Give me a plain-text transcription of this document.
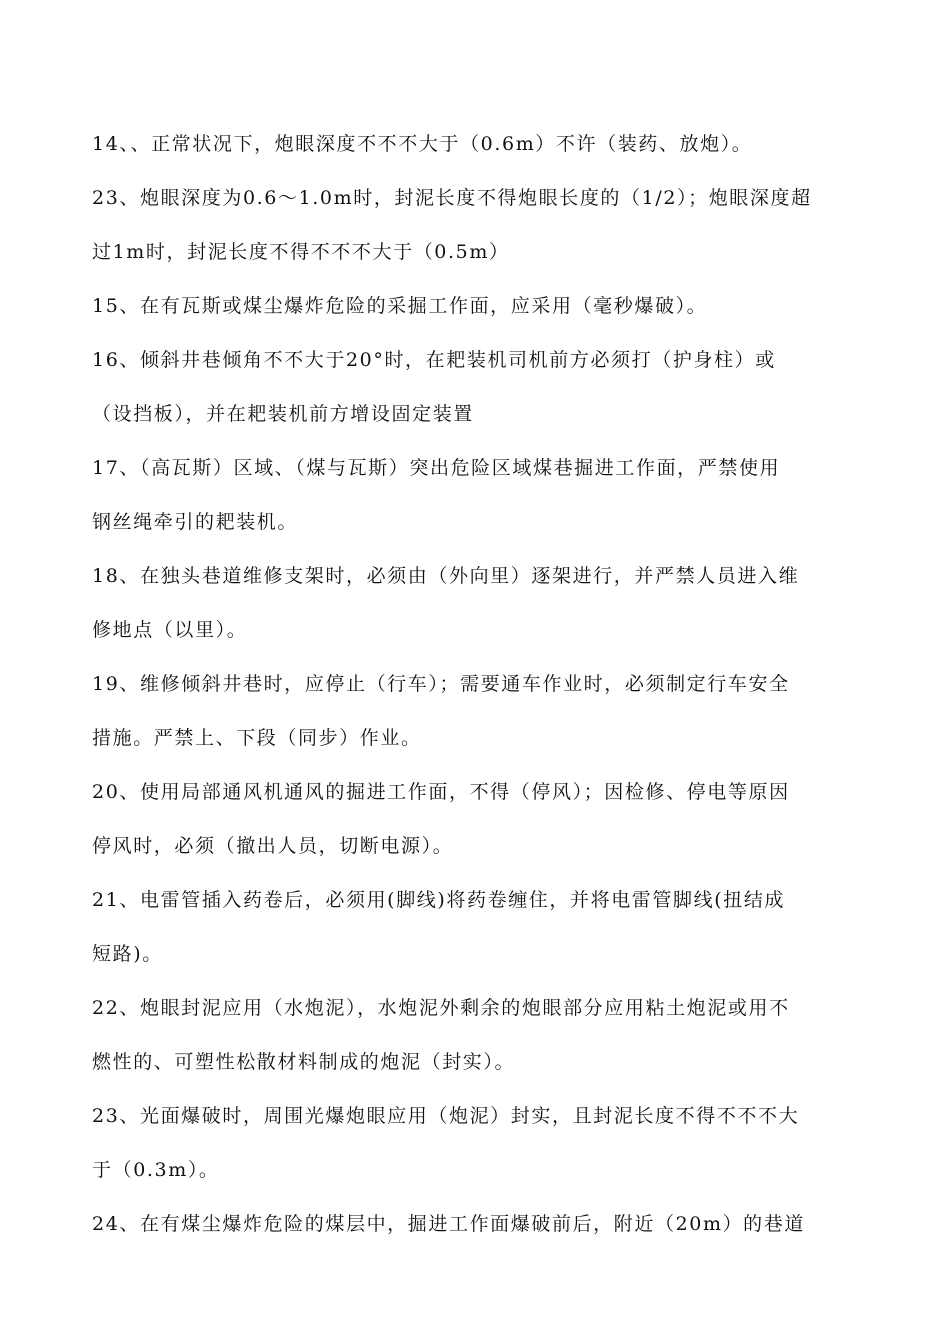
14、、正常状况下，炮眼深度不不不大于（0.6m）不许（装药、放炮）。

23、炮眼深度为0.6～1.0m时，封泥长度不得炮眼长度的（1/2）；炮眼深度超

过1m时，封泥长度不得不不不大于（0.5m）

15、在有瓦斯或煤尘爆炸危险的采掘工作面，应采用（毫秒爆破）。

16、倾斜井巷倾角不不大于20°时，在耙装机司机前方必须打（护身柱）或

（设挡板），并在耙装机前方增设固定装置

17、（高瓦斯）区域、（煤与瓦斯）突出危险区域煤巷掘进工作面，严禁使用

钢丝绳牵引的耙装机。

18、在独头巷道维修支架时，必须由（外向里）逐架进行，并严禁人员进入维

修地点（以里）。

19、维修倾斜井巷时，应停止（行车）；需要通车作业时，必须制定行车安全

措施。严禁上、下段（同步）作业。

20、使用局部通风机通风的掘进工作面，不得（停风）；因检修、停电等原因

停风时，必须（撤出人员，切断电源）。

21、电雷管插入药卷后，必须用(脚线)将药卷缠住，并将电雷管脚线(扭结成

短路)。

22、炮眼封泥应用（水炮泥），水炮泥外剩余的炮眼部分应用粘土炮泥或用不

燃性的、可塑性松散材料制成的炮泥（封实）。

23、光面爆破时，周围光爆炮眼应用（炮泥）封实，且封泥长度不得不不不大

于（0.3m）。

24、在有煤尘爆炸危险的煤层中，掘进工作面爆破前后，附近（20m）的巷道
